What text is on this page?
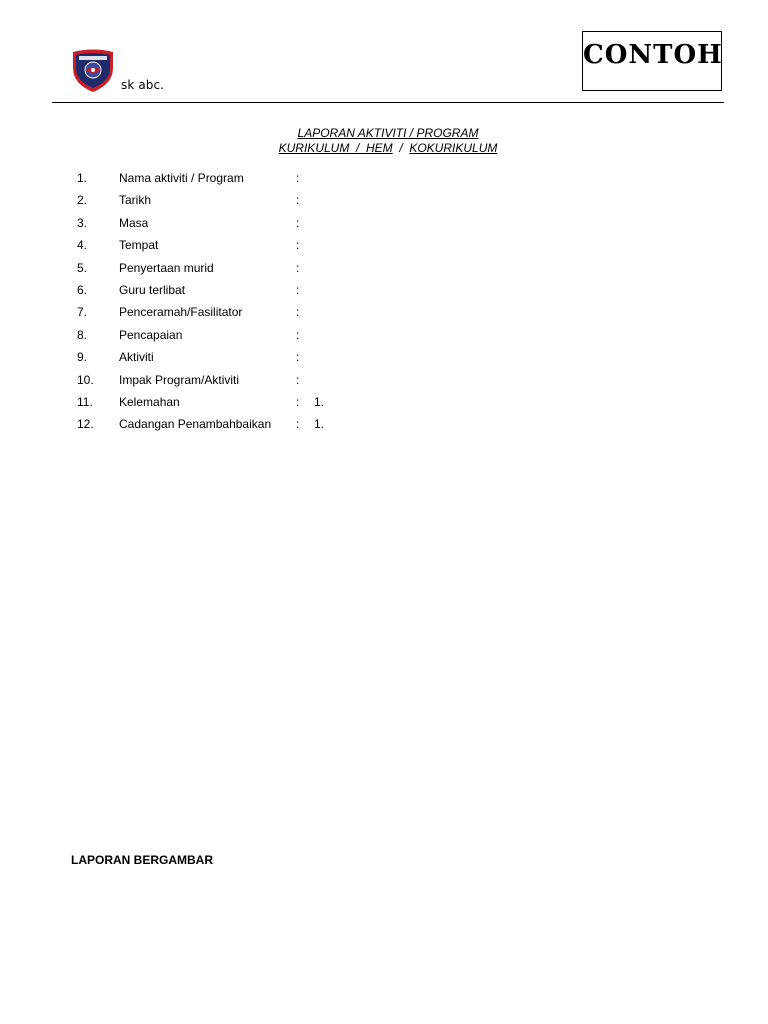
sk abc.
CONTOH
LAPORAN AKTIVITI / PROGRAM
KURIKULUM  /  HEM  /  KOKURIKULUM
1.	Nama aktiviti / Program	:
2.	Tarikh	:
3.	Masa	:
4.	Tempat	:
5.	Penyertaan murid	:
6.	Guru terlibat	:
7.	Penceramah/Fasilitator	:
8.	Pencapaian	:
9.	Aktiviti	:
10. Impak Program/Aktiviti	:
11. Kelemahan	: 1.
12. Cadangan Penambahbaikan : 1.
LAPORAN BERGAMBAR
